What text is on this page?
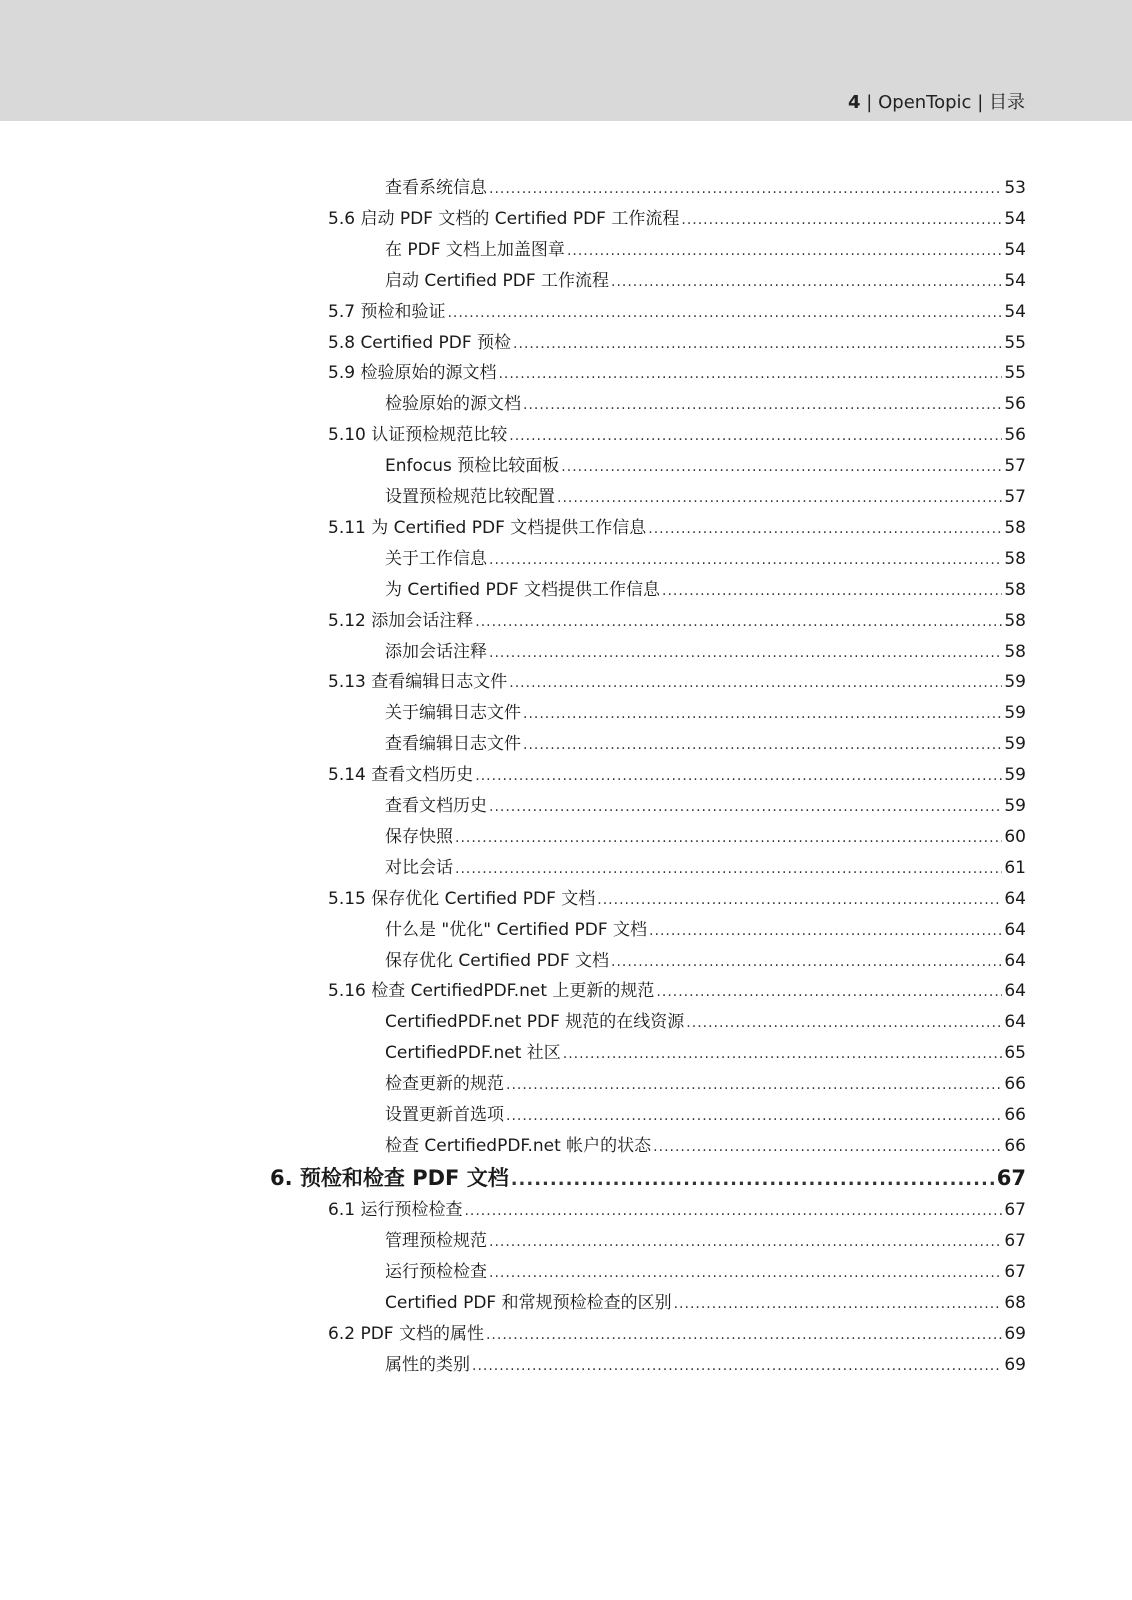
4 | OpenTopic | 目录
查看系统信息 .....	53
5.6 启动 PDF 文档的 Certified PDF 工作流程 .....	54
在 PDF 文档上加盖图章 .....	54
启动 Certified PDF 工作流程 .....	54
5.7 预检和验证 .....	54
5.8 Certified PDF 预检 .....	55
5.9 检验原始的源文档 .....	55
检验原始的源文档 .....	56
5.10 认证预检规范比较 .....	56
Enfocus 预检比较面板 .....	57
设置预检规范比较配置 .....	57
5.11 为 Certified PDF 文档提供工作信息 .....	58
关于工作信息 .....	58
为 Certified PDF 文档提供工作信息 .....	58
5.12 添加会话注释 .....	58
添加会话注释 .....	58
5.13 查看编辑日志文件 .....	59
关于编辑日志文件 .....	59
查看编辑日志文件 .....	59
5.14 查看文档历史 .....	59
查看文档历史 .....	59
保存快照 .....	60
对比会话 .....	61
5.15 保存优化 Certified PDF 文档 .....	64
什么是 "优化" Certified PDF 文档 .....	64
保存优化 Certified PDF 文档 .....	64
5.16 检查 CertifiedPDF.net 上更新的规范 .....	64
CertifiedPDF.net PDF 规范的在线资源 .....	64
CertifiedPDF.net 社区 .....	65
检查更新的规范 .....	66
设置更新首选项 .....	66
检查 CertifiedPDF.net 帐户的状态 .....	66
6. 预检和检查 PDF 文档 .....	67
6.1 运行预检检查 .....	67
管理预检规范 .....	67
运行预检检查 .....	67
Certified PDF 和常规预检检查的区别 .....	68
6.2 PDF 文档的属性 .....	69
属性的类别 .....	69
